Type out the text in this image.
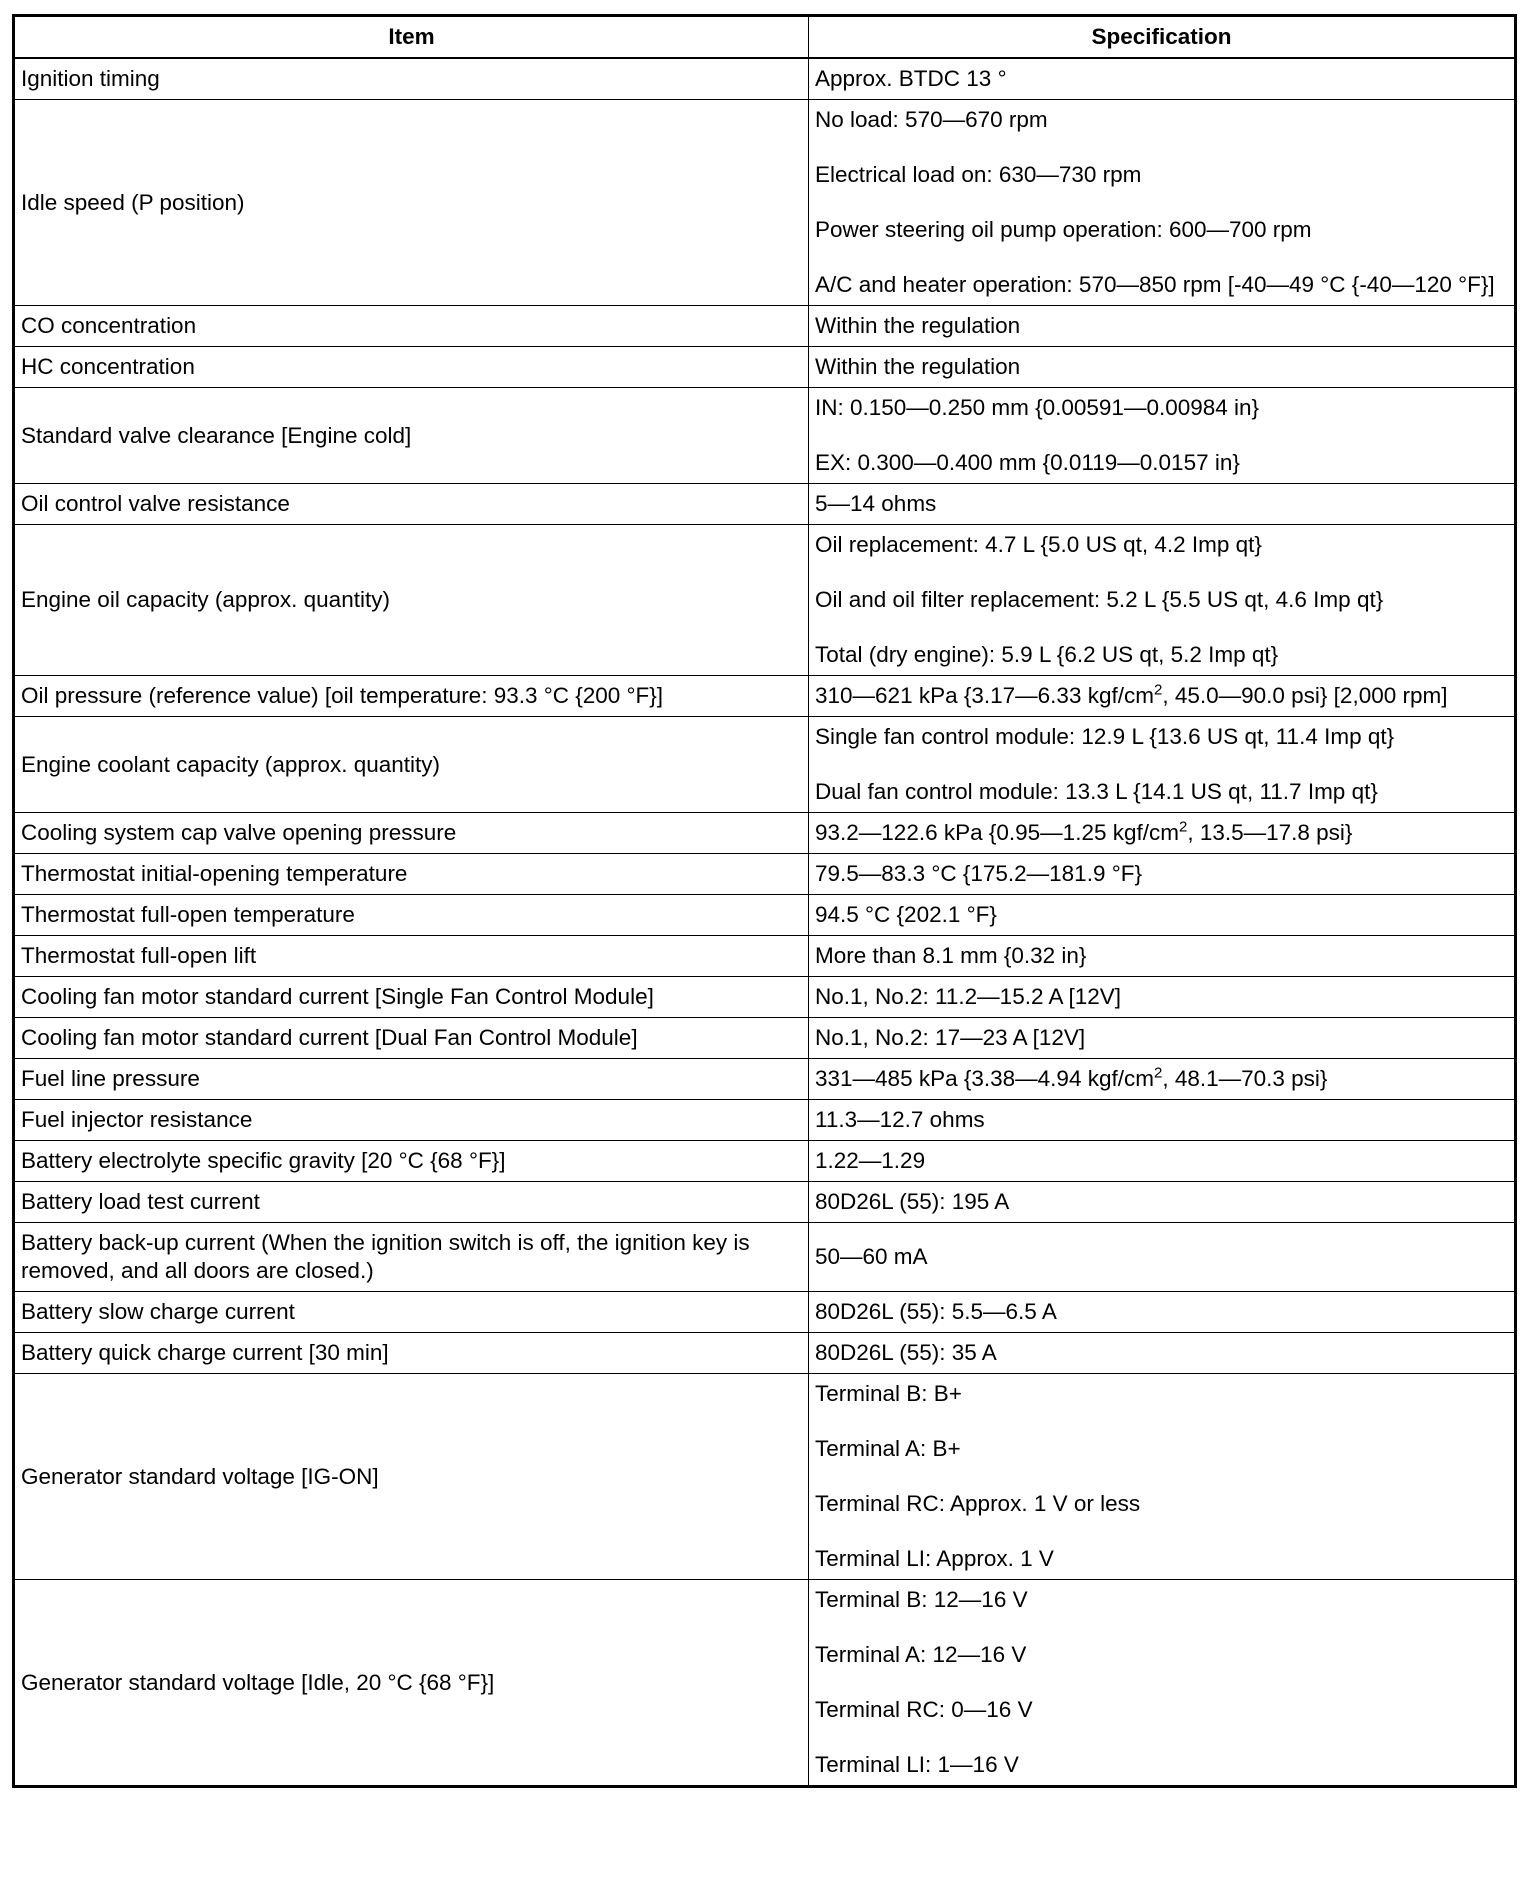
Item	Specification
Ignition timing	Approx. BTDC 13 °

Idle speed (P position)	No load: 570—670 rpm
Electrical load on: 630—730 rpm
Power steering oil pump operation: 600—700 rpm
A/C and heater operation: 570—850 rpm [-40—49 °C {-40—120 °F}]

CO concentration	Within the regulation

HC concentration	Within the regulation

Standard valve clearance [Engine cold]	IN: 0.150—0.250 mm {0.00591—0.00984 in}
EX: 0.300—0.400 mm {0.0119—0.0157 in}

Oil control valve resistance	5—14 ohms

Engine oil capacity (approx. quantity)	Oil replacement: 4.7 L {5.0 US qt, 4.2 Imp qt}
Oil and oil filter replacement: 5.2 L {5.5 US qt, 4.6 Imp qt}
Total (dry engine): 5.9 L {6.2 US qt, 5.2 Imp qt}

Oil pressure (reference value) [oil temperature: 93.3 °C {200 °F}]	310—621 kPa {3.17—6.33 kgf/$cm^2$, 45.0—90.0 psi} [2,000 rpm]

Engine coolant capacity (approx. quantity)	Single fan control module: 12.9 L {13.6 US qt, 11.4 Imp qt}
Dual fan control module: 13.3 L {14.1 US qt, 11.7 Imp qt}

Cooling system cap valve opening pressure	93.2—122.6 kPa {0.95—1.25 kgf/$cm^2$, 13.5—17.8 psi}

Thermostat initial-opening temperature	79.5—83.3 °C {175.2—181.9 °F}

Thermostat full-open temperature	94.5 °C {202.1 °F}

Thermostat full-open lift	More than 8.1 mm {0.32 in}

Cooling fan motor standard current [Single Fan Control Module]	No.1, No.2: 11.2—15.2 A [12V]

Cooling fan motor standard current [Dual Fan Control Module]	No.1, No.2: 17—23 A [12V]

Fuel line pressure	331—485 kPa {3.38—4.94 kgf/$cm^2$, 48.1—70.3 psi}

Fuel injector resistance	11.3—12.7 ohms

Battery electrolyte specific gravity [20 °C {68 °F}]	1.22—1.29

Battery load test current	80D26L (55): 195 A

Battery back-up current (When the ignition switch is off, the ignition key is removed, and all doors are closed.)	50—60 mA

Battery slow charge current	80D26L (55): 5.5—6.5 A

Battery quick charge current [30 min]	80D26L (55): 35 A

Generator standard voltage [IG-ON]	Terminal B: B+
Terminal A: B+
Terminal RC: Approx. 1 V or less
Terminal LI: Approx. 1 V

Generator standard voltage [Idle, 20 °C {68 °F}]	Terminal B: 12—16 V
Terminal A: 12—16 V
Terminal RC: 0—16 V
Terminal LI: 1—16 V
